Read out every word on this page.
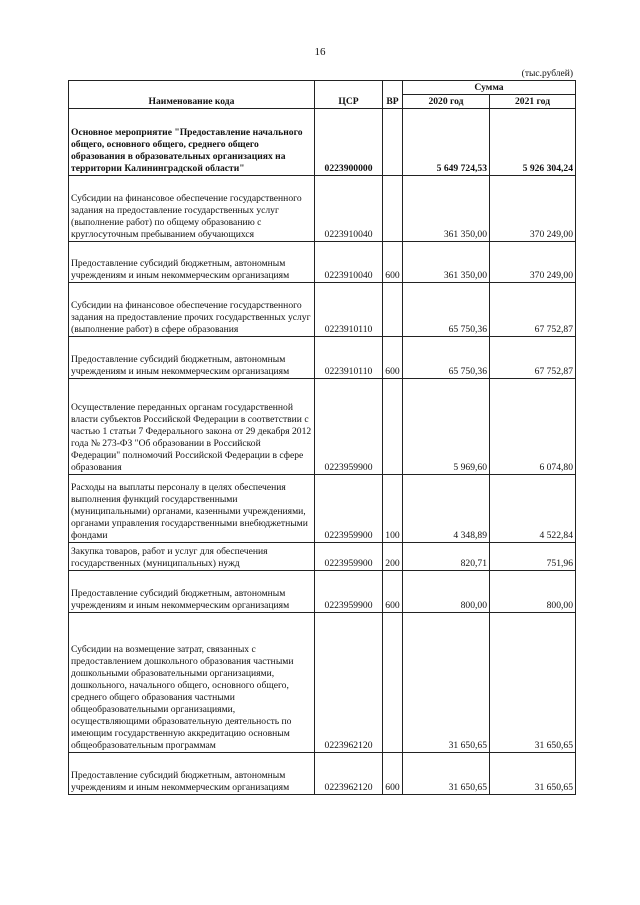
16
(тыс.рублей)
Наименование кода	ЦСР	ВР	Сумма	
			2020 год	2021 год
Основное мероприятие "Предоставление начального общего, основного общего, среднего общего образования в образовательных организациях на территории Калининградской области"	0223900000		5 649 724,53	5 926 304,24
Субсидии на финансовое обеспечение государственного задания на предоставление государственных услуг (выполнение работ) по общему образованию с круглосуточным пребыванием обучающихся	0223910040		361 350,00	370 249,00
Предоставление субсидий бюджетным, автономным учреждениям и иным некоммерческим организациям	0223910040	600	361 350,00	370 249,00
Субсидии на финансовое обеспечение государственного задания на предоставление прочих государственных услуг (выполнение работ) в сфере образования	0223910110		65 750,36	67 752,87
Предоставление субсидий бюджетным, автономным учреждениям и иным некоммерческим организациям	0223910110	600	65 750,36	67 752,87
Осуществление переданных органам государственной власти субъектов Российской Федерации в соответствии с частью 1 статьи 7 Федерального закона от 29 декабря 2012 года № 273-ФЗ "Об образовании в Российской Федерации" полномочий Российской Федерации в сфере образования	0223959900		5 969,60	6 074,80
Расходы на выплаты персоналу в целях обеспечения выполнения функций государственными (муниципальными) органами, казенными учреждениями, органами управления государственными внебюджетными фондами	0223959900	100	4 348,89	4 522,84
Закупка товаров, работ и услуг для обеспечения государственных (муниципальных) нужд	0223959900	200	820,71	751,96
Предоставление субсидий бюджетным, автономным учреждениям и иным некоммерческим организациям	0223959900	600	800,00	800,00
Субсидии на возмещение затрат, связанных с предоставлением дошкольного образования частными дошкольными образовательными организациями, дошкольного, начального общего, основного общего, среднего общего образования частными общеобразовательными организациями, осуществляющими образовательную деятельность по имеющим государственную аккредитацию основным общеобразовательным программам	0223962120		31 650,65	31 650,65
Предоставление субсидий бюджетным, автономным учреждениям и иным некоммерческим организациям	0223962120	600	31 650,65	31 650,65
